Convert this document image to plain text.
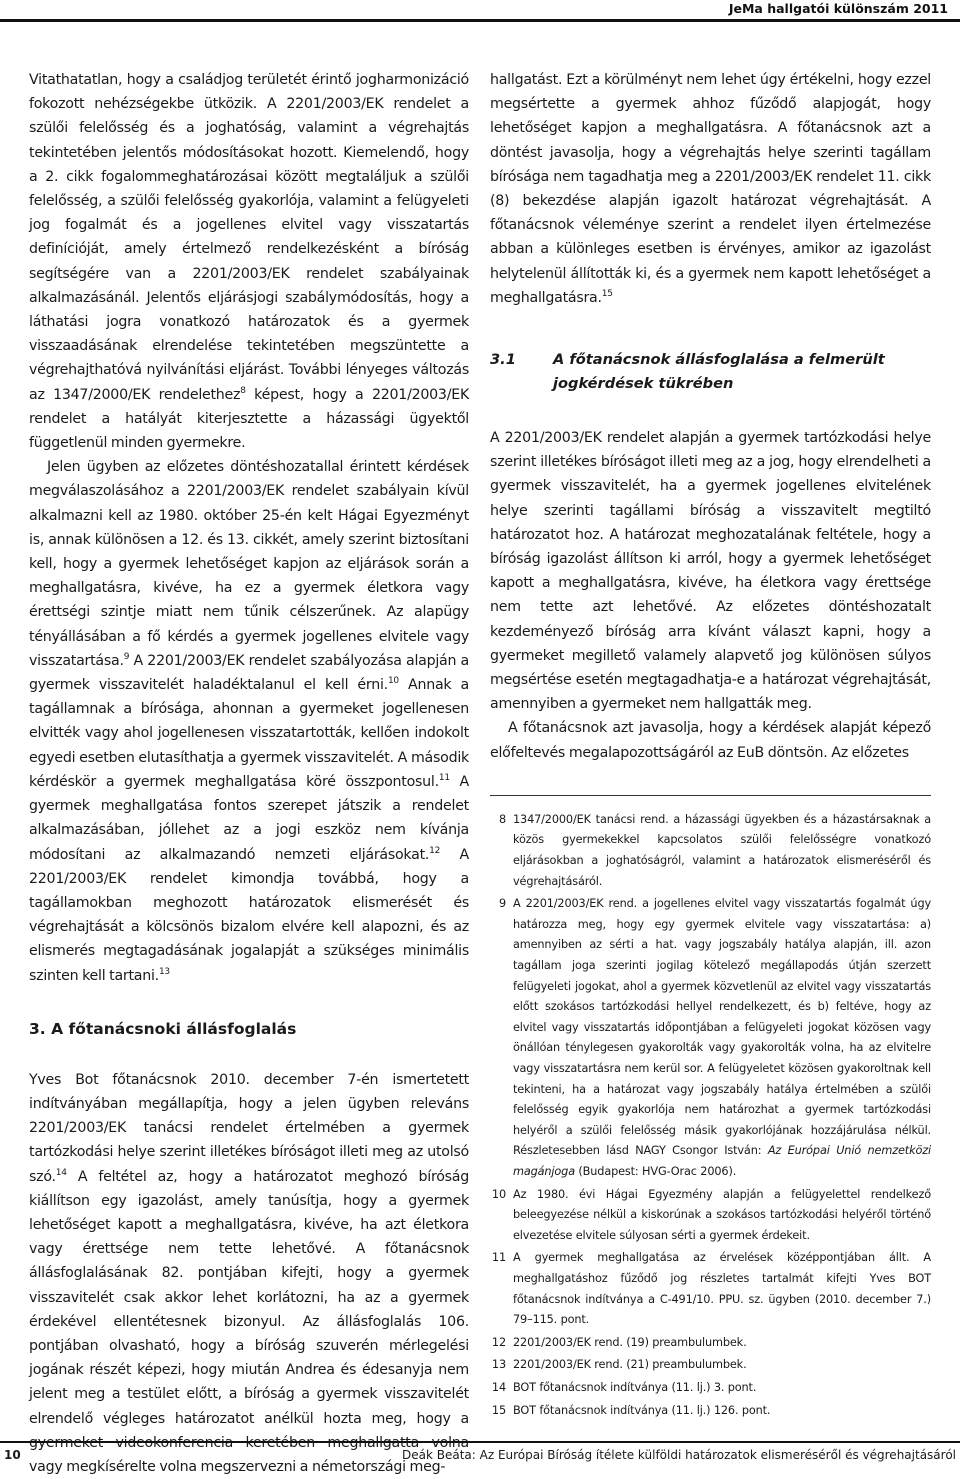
JeMa hallgatói különszám 2011

Vitathatatlan, hogy a családjog területét érintő jogharmonizáció fokozott nehézségekbe ütközik. A 2201/2003/EK rendelet a szülői felelősség és a joghatóság, valamint a végrehajtás tekintetében jelentős módosításokat hozott. Kiemelendő, hogy a 2. cikk fogalommeghatározásai között megtaláljuk a szülői felelősség, a szülői felelősség gyakorlója, valamint a felügyeleti jog fogalmát és a jogellenes elvitel vagy visszatartás definícióját, amely értelmező rendelkezésként a bíróság segítségére van a 2201/2003/EK rendelet szabályainak alkalmazásánál. Jelentős eljárásjogi szabálymódosítás, hogy a láthatási jogra vonatkozó határozatok és a gyermek visszaadásának elrendelése tekintetében megszüntette a végrehajthatóvá nyilvánítási eljárást. További lényeges változás az 1347/2000/EK rendelethez$^8$ képest, hogy a 2201/2003/EK rendelet a hatályát kiterjesztette a házassági ügyektől függetlenül minden gyermekre.

Jelen ügyben az előzetes döntéshozatallal érintett kérdések megválaszolásához a 2201/2003/EK rendelet szabályain kívül alkalmazni kell az 1980. október 25-én kelt Hágai Egyezményt is, annak különösen a 12. és 13. cikkét, amely szerint biztosítani kell, hogy a gyermek lehetőséget kapjon az eljárások során a meghallgatásra, kivéve, ha ez a gyermek életkora vagy érettségi szintje miatt nem tűnik célszerűnek. Az alapügy tényállásában a fő kérdés a gyermek jogellenes elvitele vagy visszatartása.$^9$ A 2201/2003/EK rendelet szabályozása alapján a gyermek visszavitelét haladéktalanul el kell érni.$^{10}$ Annak a tagállamnak a bírósága, ahonnan a gyermeket jogellenesen elvitték vagy ahol jogellenesen visszatartották, kellően indokolt egyedi esetben elutasíthatja a gyermek visszavitelét. A második kérdéskör a gyermek meghallgatása köré összpontosul.$^{11}$ A gyermek meghallgatása fontos szerepet játszik a rendelet alkalmazásában, jóllehet az a jogi eszköz nem kívánja módosítani az alkalmazandó nemzeti eljárásokat.$^{12}$ A 2201/2003/EK rendelet kimondja továbbá, hogy a tagállamokban meghozott határozatok elismerését és végrehajtását a kölcsönös bizalom elvére kell alapozni, és az elismerés megtagadásának jogalapját a szükséges minimális szinten kell tartani.$^{13}$

3. A főtanácsnoki állásfoglalás

Yves Bot főtanácsnok 2010. december 7-én ismertetett indítványában megállapítja, hogy a jelen ügyben releváns 2201/2003/EK tanácsi rendelet értelmében a gyermek tartózkodási helye szerint illetékes bíróságot illeti meg az utolsó szó.$^{14}$ A feltétel az, hogy a határozatot meghozó bíróság kiállítson egy igazolást, amely tanúsítja, hogy a gyermek lehetőséget kapott a meghallgatásra, kivéve, ha azt életkora vagy érettsége nem tette lehetővé. A főtanácsnok állásfoglalásának 82. pontjában kifejti, hogy a gyermek visszavitelét csak akkor lehet korlátozni, ha az a gyermek érdekével ellentétesnek bizonyul. Az állásfoglalás 106. pontjában olvasható, hogy a bíróság szuverén mérlegelési jogának részét képezi, hogy miután Andrea és édesanyja nem jelent meg a testület előtt, a bíróság a gyermek visszavitelét elrendelő végleges határozatot anélkül hozta meg, hogy a vagy megkísérelte volna megszervezni a németországi meg-

hallgatást. Ezt a körülményt nem lehet úgy értékelni, hogy ezzel megsértette a gyermek ahhoz fűződő alapjogát, hogy lehetőséget kapjon a meghallgatásra. A főtanácsnok azt a döntést javasolja, hogy a végrehajtás helye szerinti tagállam bírósága nem tagadhatja meg a 2201/2003/EK rendelet 11. cikk (8) bekezdése alapján igazolt határozat végrehajtását. A főtanácsnok véleménye szerint a rendelet ilyen értelmezése abban a különleges esetben is érvényes, amikor az igazolást helytelenül állították ki, és a gyermek nem kapott lehetőséget a meghallgatásra.$^{15}$

3.1	A főtanácsnok állásfoglalása a felmerült jogkérdések tükrében

A 2201/2003/EK rendelet alapján a gyermek tartózkodási helye szerint illetékes bíróságot illeti meg az a jog, hogy elrendelheti a gyermek visszavitelét, ha a gyermek jogellenes elvitelének helye szerinti tagállami bíróság a visszavitelt megtiltó határozatot hoz. A határozat meghozatalának feltétele, hogy a bíróság igazolást állítson ki arról, hogy a gyermek lehetőséget kapott a meghallgatásra, kivéve, ha életkora vagy érettsége nem tette azt lehetővé. Az előzetes döntéshozatalt kezdeményező bíróság arra kívánt választ kapni, hogy a gyermeket megillető valamely alapvető jog különösen súlyos megsértése esetén megtagadhatja-e a határozat végrehajtását, amennyiben a gyermeket nem hallgatták meg.

A főtanácsnok azt javasolja, hogy a kérdések alapját képező előfeltevés megalapozottságáról az EuB döntsön. Az előzetes

8 1347/2000/EK tanácsi rend. a házassági ügyekben és a házastársaknak a közös gyermekekkel kapcsolatos szülői felelősségre vonatkozó eljárásokban a joghatóságról, valamint a határozatok elismeréséről és végrehajtásáról.
9 A 2201/2003/EK rend. a jogellenes elvitel vagy visszatartás fogalmát úgy határozza meg, hogy egy gyermek elvitele vagy visszatartása: a) amennyiben az sérti a hat. vagy jogszabály hatálya alapján, ill. azon tagállam joga szerinti jogilag kötelező megállapodás útján szerzett felügyeleti jogokat, ahol a gyermek közvetlenül az elvitel vagy visszatartás előtt szokásos tartózkodási hellyel rendelkezett, és b) feltéve, hogy az elvitel vagy visszatartás időpontjában a felügyeleti jogokat közösen vagy önállóan ténylegesen gyakorolták vagy gyakorolták volna, ha az elvitelre vagy visszatartásra nem kerül sor. A felügyeletet közösen gyakoroltnak kell tekinteni, ha a határozat vagy jogszabály hatálya értelmében a szülői felelősség egyik gyakorlója nem határozhat a gyermek tartózkodási helyéről a szülői felelősség másik gyakorlójának hozzájárulása nélkül. Részletesebben lásd NAGY Csongor István: Az Európai Unió nemzetközi magánjoga (Budapest: HVG-Orac 2006).
10 Az 1980. évi Hágai Egyezmény alapján a felügyelettel rendelkező beleegyezése nélkül a kiskorúnak a szokásos tartózkodási helyéről történő elvezetése elvitele súlyosan sérti a gyermek érdekeit.
11 A gyermek meghallgatása az érvelések középpontjában állt. A meghallgatáshoz fűződő jog részletes tartalmát kifejti Yves BOT főtanácsnok indítványa a C-491/10. PPU. sz. ügyben (2010. december 7.) 79–115. pont.
12 2201/2003/EK rend. (19) preambulumbek.
13 2201/2003/EK rend. (21) preambulumbek.
14 BOT főtanácsnok indítványa (11. lj.) 3. pont.
15 BOT főtanácsnok indítványa (11. lj.) 126. pont.
10	Deák Beáta: Az Európai Bíróság ítélete külföldi határozatok elismeréséről és végrehajtásáról
